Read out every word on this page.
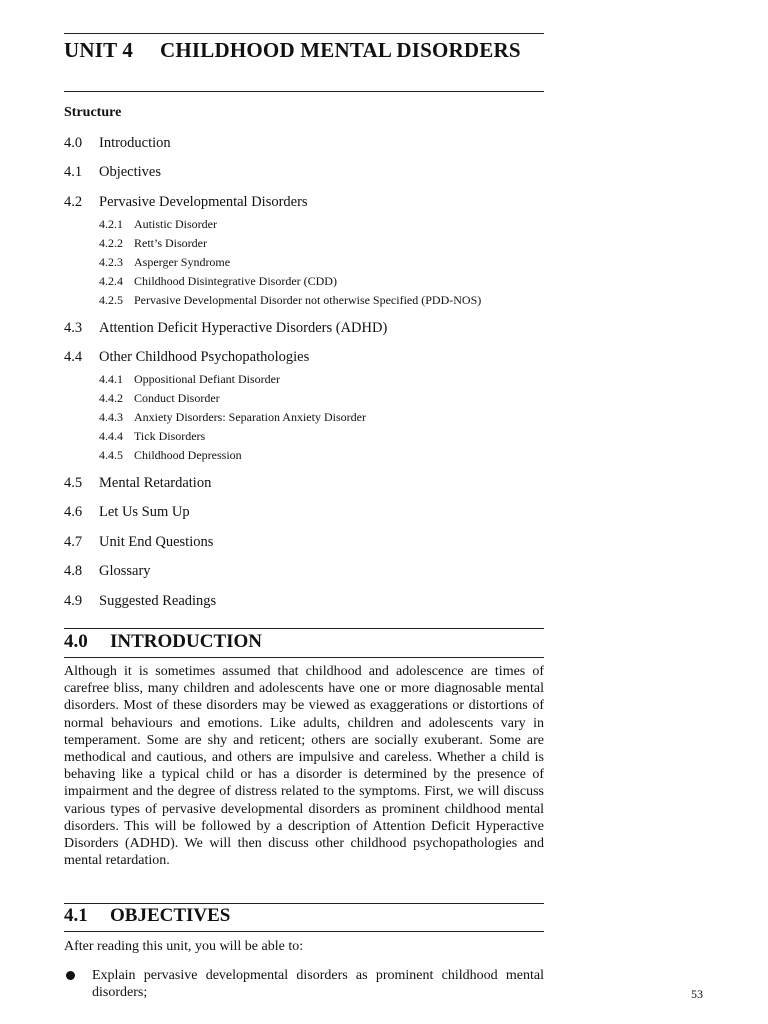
UNIT 4 CHILDHOOD MENTAL DISORDERS
Structure
4.0 Introduction
4.1 Objectives
4.2 Pervasive Developmental Disorders
4.2.1 Autistic Disorder
4.2.2 Rett’s Disorder
4.2.3 Asperger Syndrome
4.2.4 Childhood Disintegrative Disorder (CDD)
4.2.5 Pervasive Developmental Disorder not otherwise Specified (PDD-NOS)
4.3 Attention Deficit Hyperactive Disorders (ADHD)
4.4 Other Childhood Psychopathologies
4.4.1 Oppositional Defiant Disorder
4.4.2 Conduct Disorder
4.4.3 Anxiety Disorders: Separation Anxiety Disorder
4.4.4 Tick Disorders
4.4.5 Childhood Depression
4.5 Mental Retardation
4.6 Let Us Sum Up
4.7 Unit End Questions
4.8 Glossary
4.9 Suggested Readings
4.0 INTRODUCTION
Although it is sometimes assumed that childhood and adolescence are times of carefree bliss, many children and adolescents have one or more diagnosable mental disorders. Most of these disorders may be viewed as exaggerations or distortions of normal behaviours and emotions. Like adults, children and adolescents vary in temperament. Some are shy and reticent; others are socially exuberant. Some are methodical and cautious, and others are impulsive and careless. Whether a child is behaving like a typical child or has a disorder is determined by the presence of impairment and the degree of distress related to the symptoms. First, we will discuss various types of pervasive developmental disorders as prominent childhood mental disorders. This will be followed by a description of Attention Deficit Hyperactive Disorders (ADHD). We will then discuss other childhood psychopathologies and mental retardation.
4.1 OBJECTIVES
After reading this unit, you will be able to:
Explain pervasive developmental disorders as prominent childhood mental disorders;	53
